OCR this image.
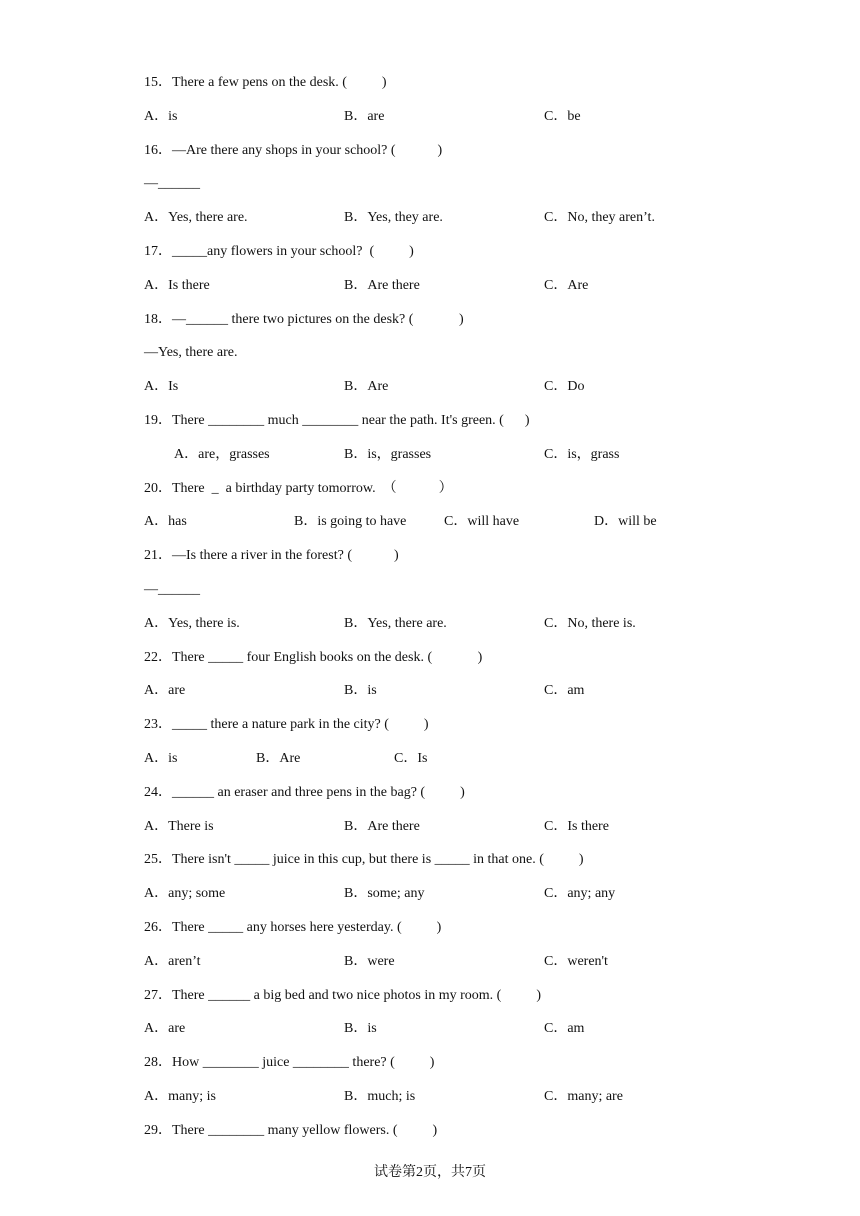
15．There a few pens on the desk. (          )
A．is	B．are	C．be
16．—Are there any shops in your school? (            )
—______
A．Yes, there are.	B．Yes, they are.	C．No, they aren’t.
17．_____any flowers in your school?  (          )
A．Is there	B．Are there	C．Are
18．—______ there two pictures on the desk? (             )
—Yes, there are.
A．Is	B．Are	C．Do
19．There ________ much ________ near the path. It's green. (      )
A．are，grasses	B．is，grasses	C．is，grass
20．There  _  a birthday party tomorrow.  （            ）
A．has	B．is going to have	C．will have	D．will be
21．—Is there a river in the forest? (            )
—______
A．Yes, there is.	B．Yes, there are.	C．No, there is.
22．There _____ four English books on the desk. (             )
A．are	B．is	C．am
23．_____ there a nature park in the city? (          )
A．is	B．Are	C．Is
24．______ an eraser and three pens in the bag? (          )
A．There is	B．Are there	C．Is there
25．There isn't _____ juice in this cup, but there is _____ in that one. (          )
A．any; some	B．some; any	C．any; any
26．There _____ any horses here yesterday. (          )
A．aren’t	B．were	C．weren't
27．There ______ a big bed and two nice photos in my room. (          )
A．are	B．is	C．am
28．How ________ juice ________ there? (          )
A．many; is	B．much; is	C．many; are
29．There ________ many yellow flowers. (          )
试卷第2页，共7页
